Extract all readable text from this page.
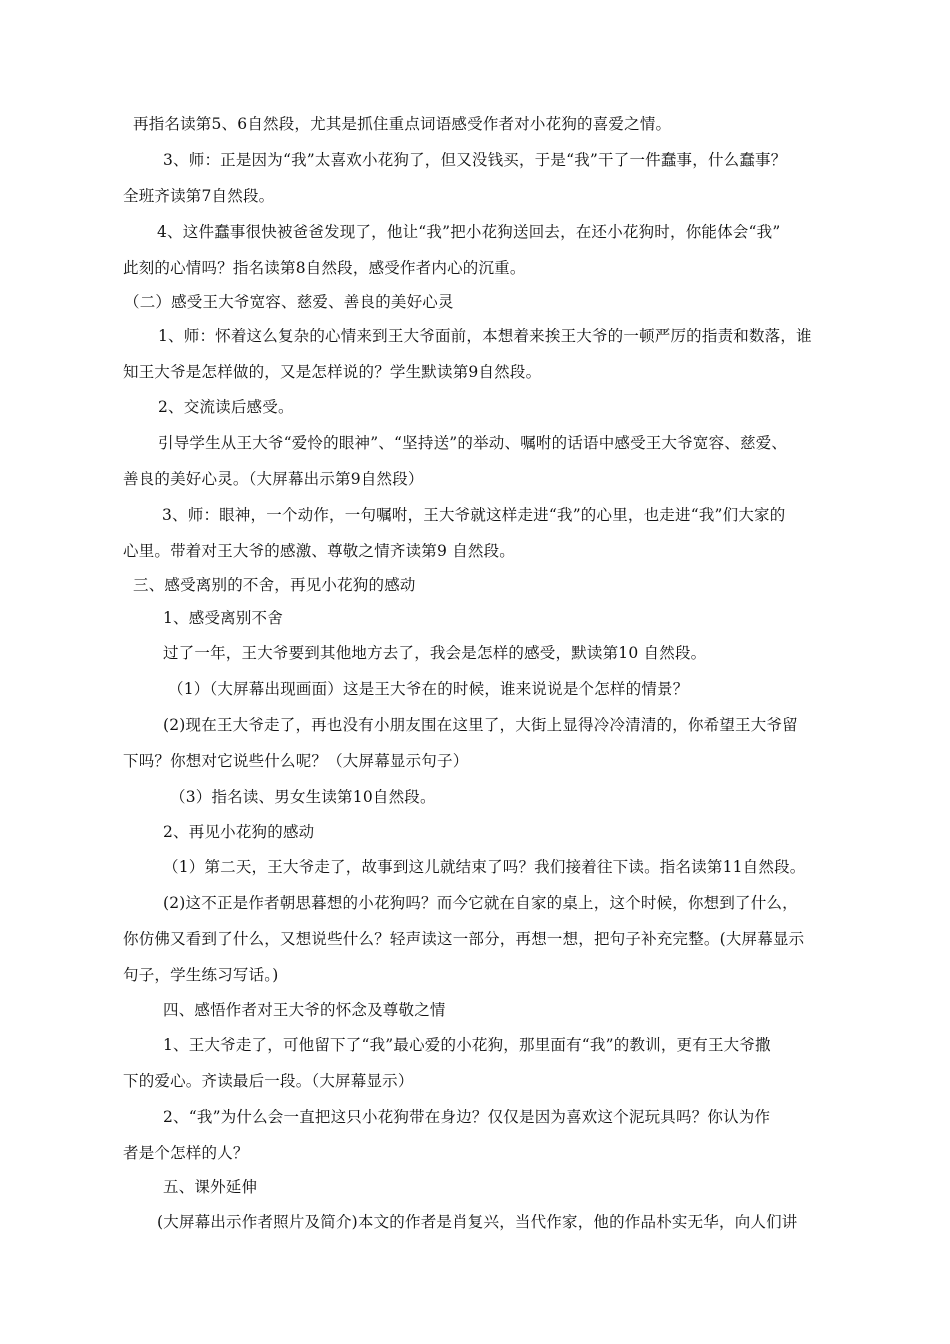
再指名读第5、6自然段，尤其是抓住重点词语感受作者对小花狗的喜爱之情。
3、师：正是因为“我”太喜欢小花狗了，但又没钱买，于是“我”干了一件蠢事，什么蠢事？
全班齐读第7自然段。
4、这件蠢事很快被爸爸发现了，他让“我”把小花狗送回去，在还小花狗时，你能体会“我”
此刻的心情吗？指名读第8自然段，感受作者内心的沉重。
（二）感受王大爷宽容、慈爱、善良的美好心灵
1、师：怀着这么复杂的心情来到王大爷面前，本想着来挨王大爷的一顿严厉的指责和数落，谁
知王大爷是怎样做的，又是怎样说的？学生默读第9自然段。
2、交流读后感受。
引导学生从王大爷“爱怜的眼神”、“坚持送”的举动、嘱咐的话语中感受王大爷宽容、慈爱、
善良的美好心灵。（大屏幕出示第9自然段）
3、师：眼神，一个动作，一句嘱咐，王大爷就这样走进“我”的心里，也走进“我”们大家的
心里。带着对王大爷的感激、尊敬之情齐读第9 自然段。
三、感受离别的不舍，再见小花狗的感动
1、感受离别不舍
过了一年，王大爷要到其他地方去了，我会是怎样的感受，默读第10 自然段。
（1）（大屏幕出现画面）这是王大爷在的时候，谁来说说是个怎样的情景？
(2)现在王大爷走了，再也没有小朋友围在这里了，大街上显得冷冷清清的，你希望王大爷留
下吗？你想对它说些什么呢？（大屏幕显示句子）
（3）指名读、男女生读第10自然段。
2、再见小花狗的感动
（1）第二天，王大爷走了，故事到这儿就结束了吗？我们接着往下读。指名读第11自然段。
(2)这不正是作者朝思暮想的小花狗吗？而今它就在自家的桌上，这个时候，你想到了什么，
你仿佛又看到了什么，又想说些什么？轻声读这一部分，再想一想，把句子补充完整。(大屏幕显示
句子，学生练习写话。)
四、感悟作者对王大爷的怀念及尊敬之情
1、王大爷走了，可他留下了“我”最心爱的小花狗，那里面有“我”的教训，更有王大爷撒
下的爱心。齐读最后一段。（大屏幕显示）
2、“我”为什么会一直把这只小花狗带在身边？仅仅是因为喜欢这个泥玩具吗？你认为作
者是个怎样的人？
五、课外延伸
(大屏幕出示作者照片及简介)本文的作者是肖复兴，当代作家，他的作品朴实无华，向人们讲
